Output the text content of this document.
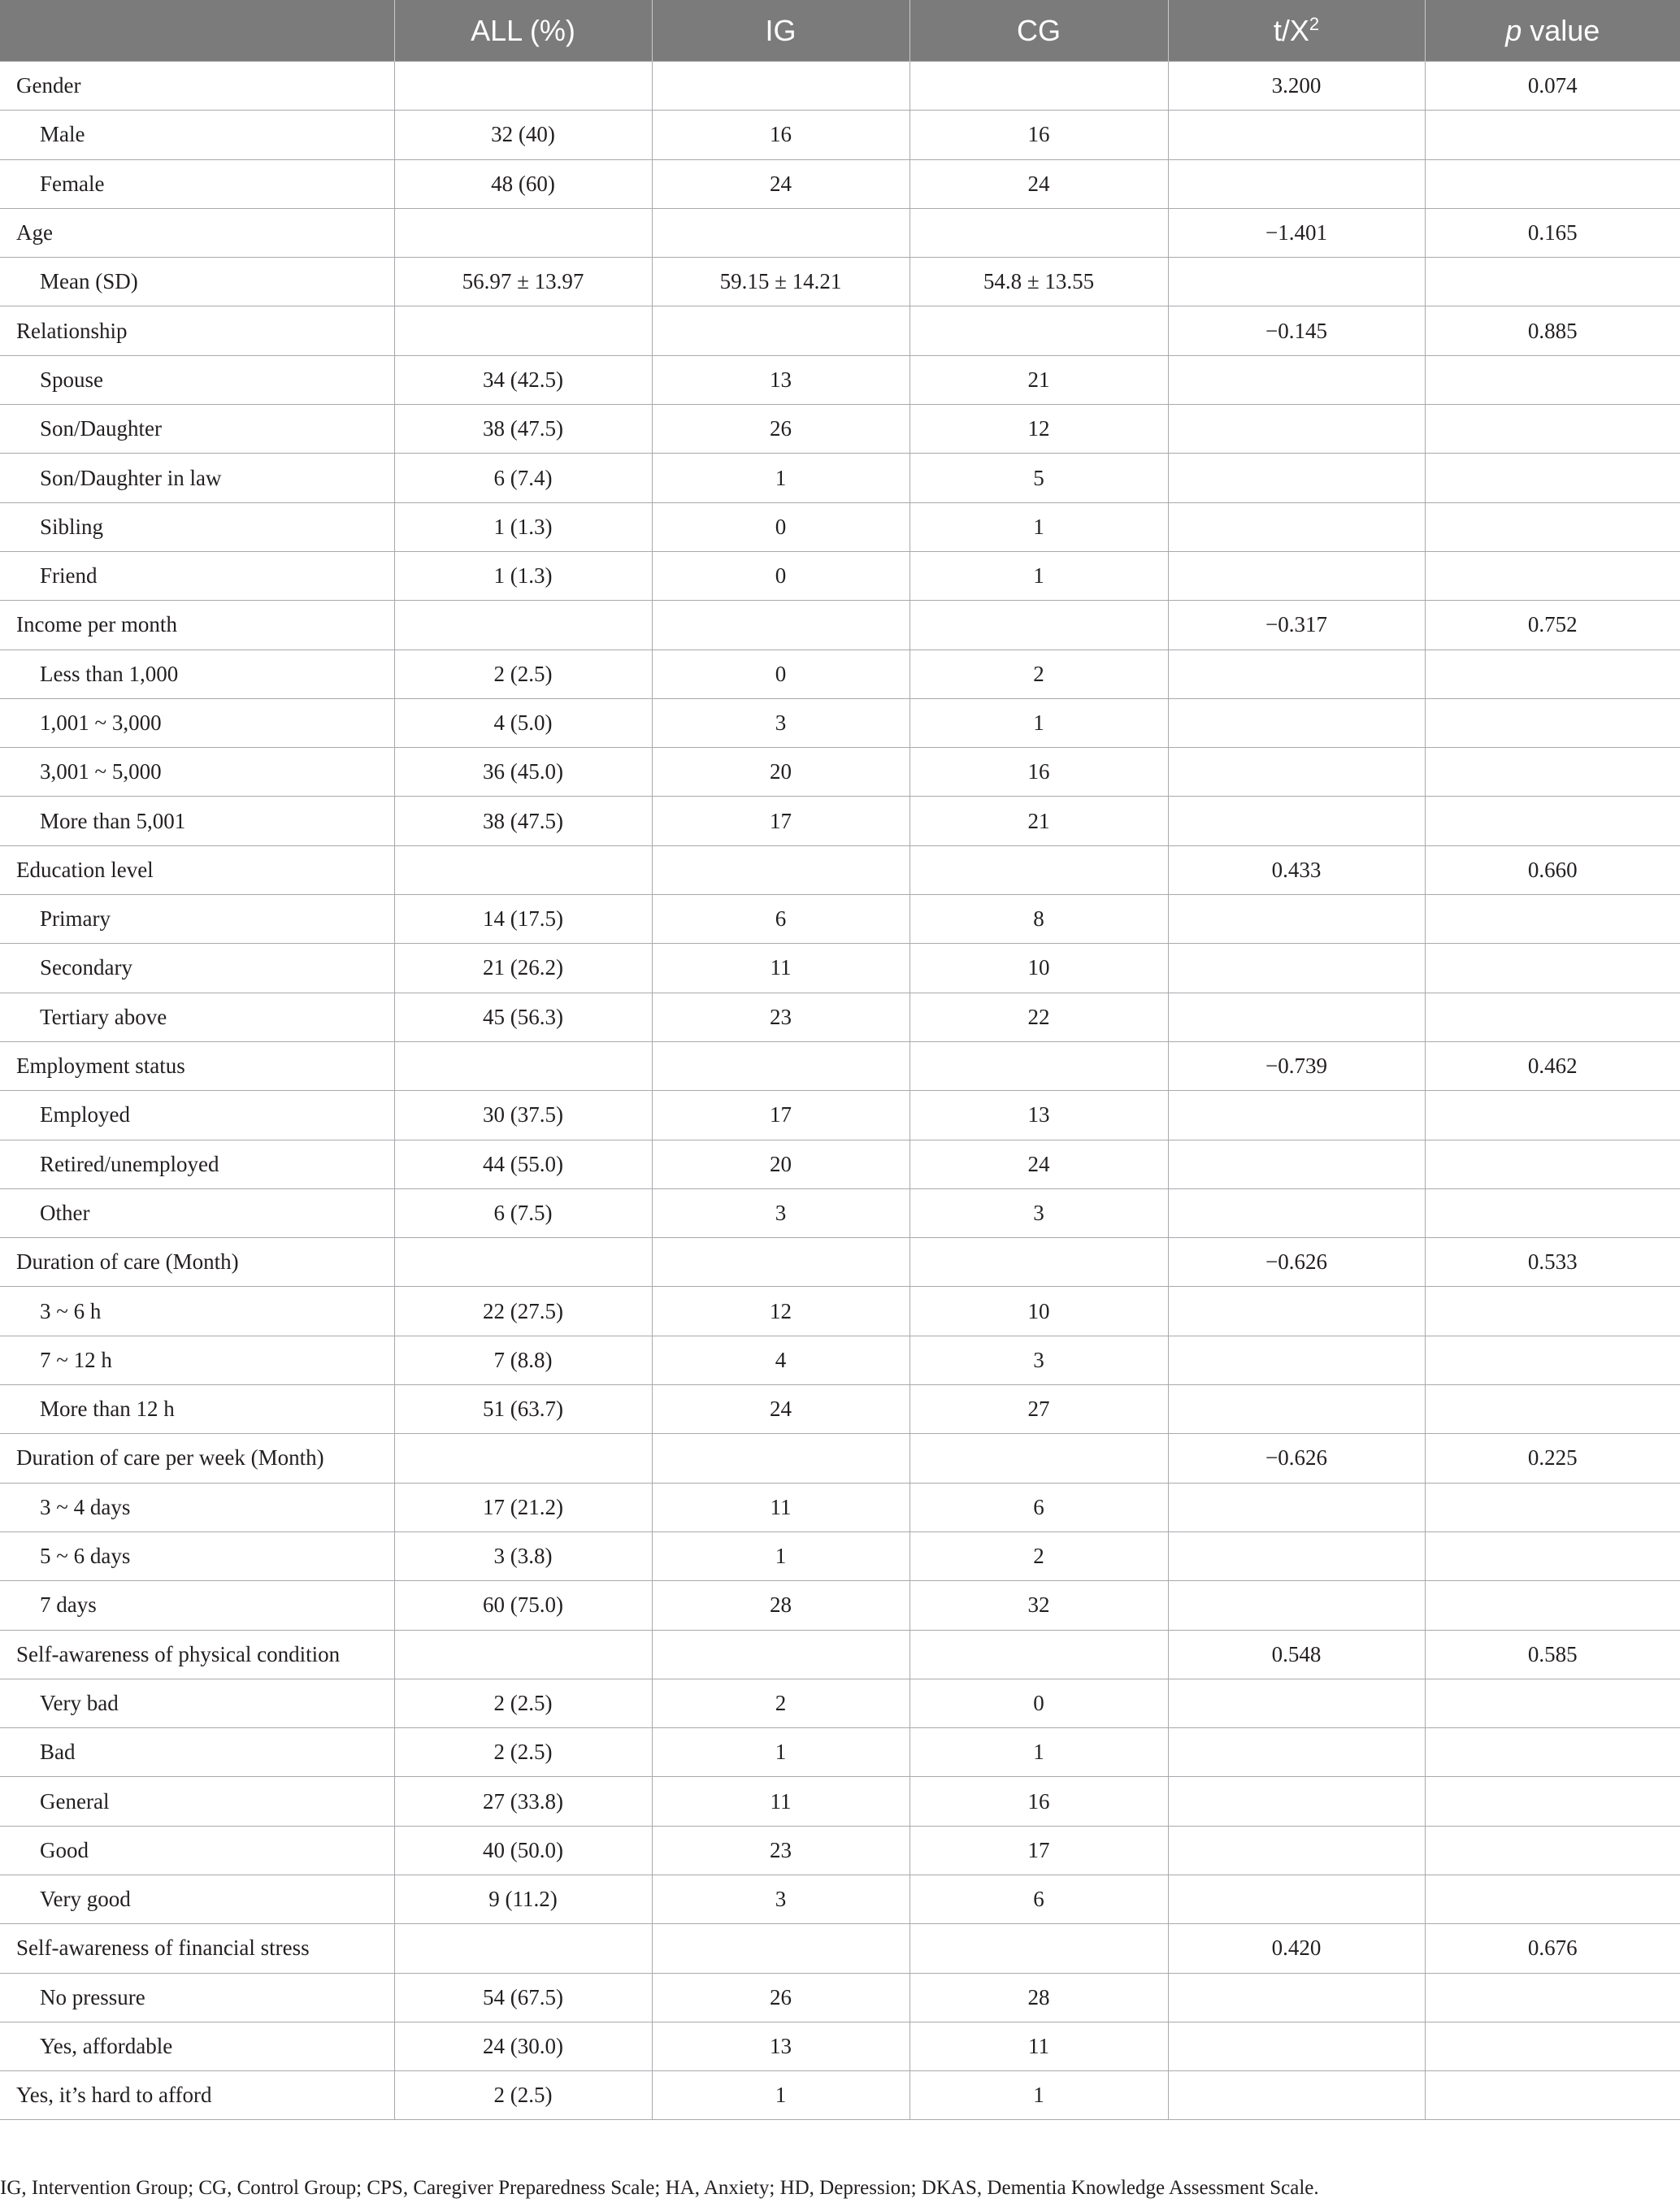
	ALL (%)	IG	CG	$t/X^2$	p value
Gender				3.200	0.074
Male	32 (40)	16	16		
Female	48 (60)	24	24		
Age				−1.401	0.165
Mean (SD)	56.97 ± 13.97	59.15 ± 14.21	54.8 ± 13.55		
Relationship				−0.145	0.885
Spouse	34 (42.5)	13	21		
Son/Daughter	38 (47.5)	26	12		
Son/Daughter in law	6 (7.4)	1	5		
Sibling	1 (1.3)	0	1		
Friend	1 (1.3)	0	1		
Income per month				−0.317	0.752
Less than 1,000	2 (2.5)	0	2		
1,001 ~ 3,000	4 (5.0)	3	1		
3,001 ~ 5,000	36 (45.0)	20	16		
More than 5,001	38 (47.5)	17	21		
Education level				0.433	0.660
Primary	14 (17.5)	6	8		
Secondary	21 (26.2)	11	10		
Tertiary above	45 (56.3)	23	22		
Employment status				−0.739	0.462
Employed	30 (37.5)	17	13		
Retired/unemployed	44 (55.0)	20	24		
Other	6 (7.5)	3	3		
Duration of care (Month)				−0.626	0.533
3 ~ 6 h	22 (27.5)	12	10		
7 ~ 12 h	7 (8.8)	4	3		
More than 12 h	51 (63.7)	24	27		
Duration of care per week (Month)				−0.626	0.225
3 ~ 4 days	17 (21.2)	11	6		
5 ~ 6 days	3 (3.8)	1	2		
7 days	60 (75.0)	28	32		
Self-awareness of physical condition				0.548	0.585
Very bad	2 (2.5)	2	0		
Bad	2 (2.5)	1	1		
General	27 (33.8)	11	16		
Good	40 (50.0)	23	17		
Very good	9 (11.2)	3	6		
Self-awareness of financial stress				0.420	0.676
No pressure	54 (67.5)	26	28		
Yes, affordable	24 (30.0)	13	11		
Yes, it’s hard to afford	2 (2.5)	1	1		
IG, Intervention Group; CG, Control Group; CPS, Caregiver Preparedness Scale; HA, Anxiety; HD, Depression; DKAS, Dementia Knowledge Assessment Scale.
